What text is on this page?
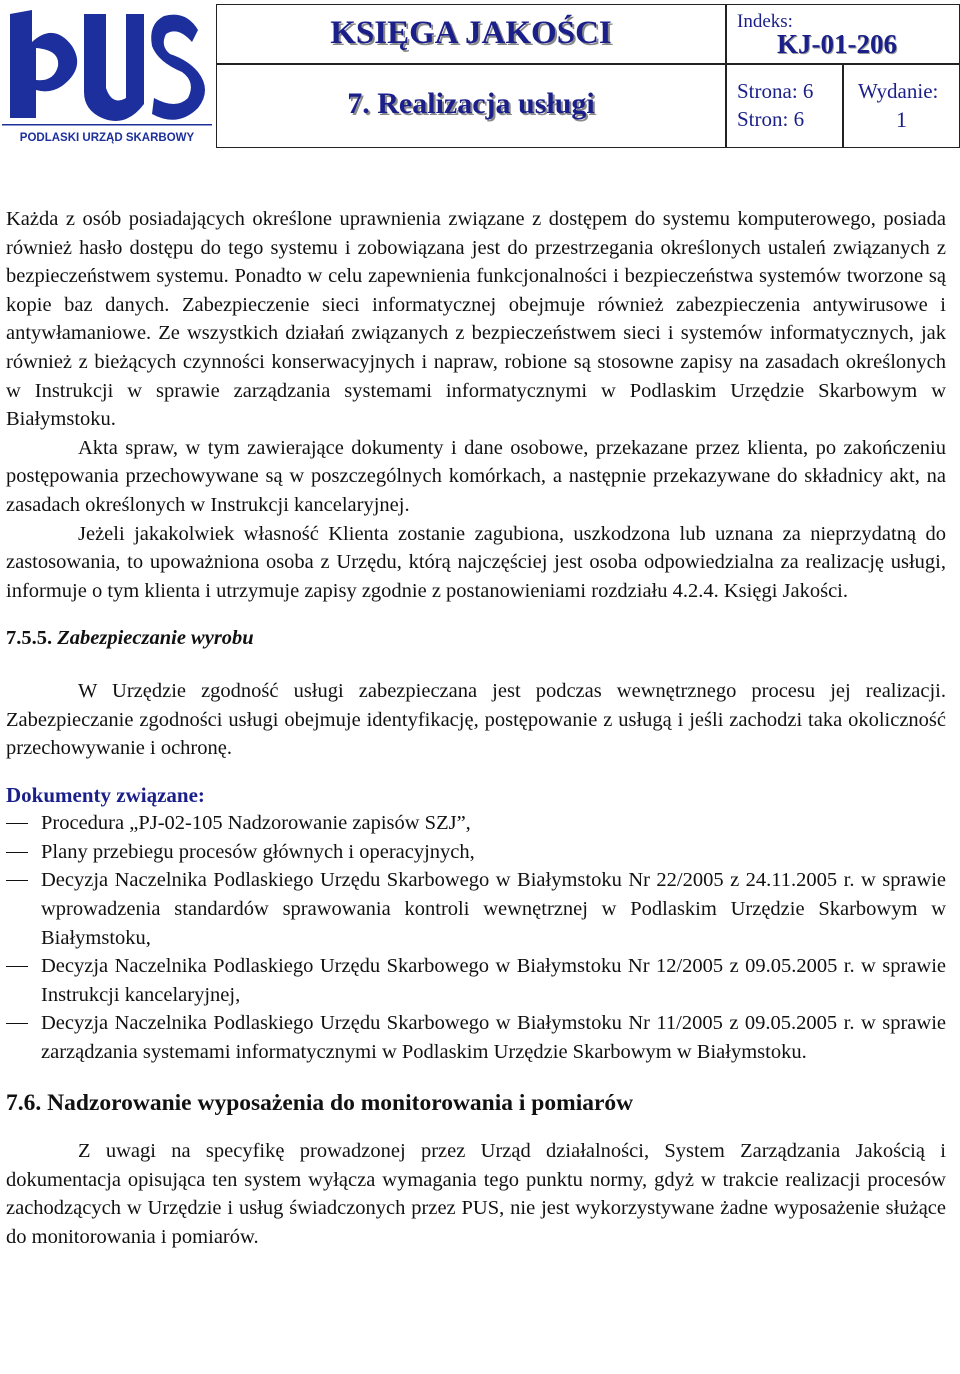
PODLASKI URZĄD SKARBOWY
KSIĘGA JAKOŚCI
7. Realizacja usługi
Indeks:
KJ-01-206
Strona: 6
Stron: 6
Wydanie:
1

Każda z osób posiadających określone uprawnienia związane z dostępem do systemu komputerowego, posiada również hasło dostępu do tego systemu i zobowiązana jest do przestrzegania określonych ustaleń związanych z bezpieczeństwem systemu. Ponadto w celu zapewnienia funkcjonalności i bezpieczeństwa systemów tworzone są kopie baz danych. Zabezpieczenie sieci informatycznej obejmuje również zabezpieczenia antywirusowe i antywłamaniowe. Ze wszystkich działań związanych z bezpieczeństwem sieci i systemów informatycznych, jak również z bieżących czynności konserwacyjnych i napraw, robione są stosowne zapisy na zasadach określonych w Instrukcji w sprawie zarządzania systemami informatycznymi w Podlaskim Urzędzie Skarbowym w Białymstoku.

Akta spraw, w tym zawierające dokumenty i dane osobowe, przekazane przez klienta, po zakończeniu postępowania przechowywane są w poszczególnych komórkach, a następnie przekazywane do składnicy akt, na zasadach określonych w Instrukcji kancelaryjnej.

Jeżeli jakakolwiek własność Klienta zostanie zagubiona, uszkodzona lub uznana za nieprzydatną do zastosowania, to upoważniona osoba z Urzędu, którą najczęściej jest osoba odpowiedzialna za realizację usługi, informuje o tym klienta i utrzymuje zapisy zgodnie z postanowieniami rozdziału 4.2.4. Księgi Jakości.

7.5.5. Zabezpieczanie wyrobu

W Urzędzie zgodność usługi zabezpieczana jest podczas wewnętrznego procesu jej realizacji. Zabezpieczanie zgodności usługi obejmuje identyfikację, postępowanie z usługą i jeśli zachodzi taka okoliczność przechowywanie i ochronę.

Dokumenty związane:

Procedura „PJ-02-105 Nadzorowanie zapisów SZJ”,
Plany przebiegu procesów głównych i operacyjnych,
Decyzja Naczelnika Podlaskiego Urzędu Skarbowego w Białymstoku Nr 22/2005 z 24.11.2005 r. w sprawie wprowadzenia standardów sprawowania kontroli wewnętrznej w Podlaskim Urzędzie Skarbowym w Białymstoku,
Decyzja Naczelnika Podlaskiego Urzędu Skarbowego w Białymstoku Nr 12/2005 z 09.05.2005 r. w sprawie Instrukcji kancelaryjnej,
Decyzja Naczelnika Podlaskiego Urzędu Skarbowego w Białymstoku Nr 11/2005 z 09.05.2005 r. w sprawie zarządzania systemami informatycznymi w Podlaskim Urzędzie Skarbowym w Białymstoku.

7.6. Nadzorowanie wyposażenia do monitorowania i pomiarów

Z uwagi na specyfikę prowadzonej przez Urząd działalności, System Zarządzania Jakością i dokumentacja opisująca ten system wyłącza wymagania tego punktu normy, gdyż w trakcie realizacji procesów zachodzących w Urzędzie i usług świadczonych przez PUS, nie jest wykorzystywane żadne wyposażenie służące do monitorowania i pomiarów.
